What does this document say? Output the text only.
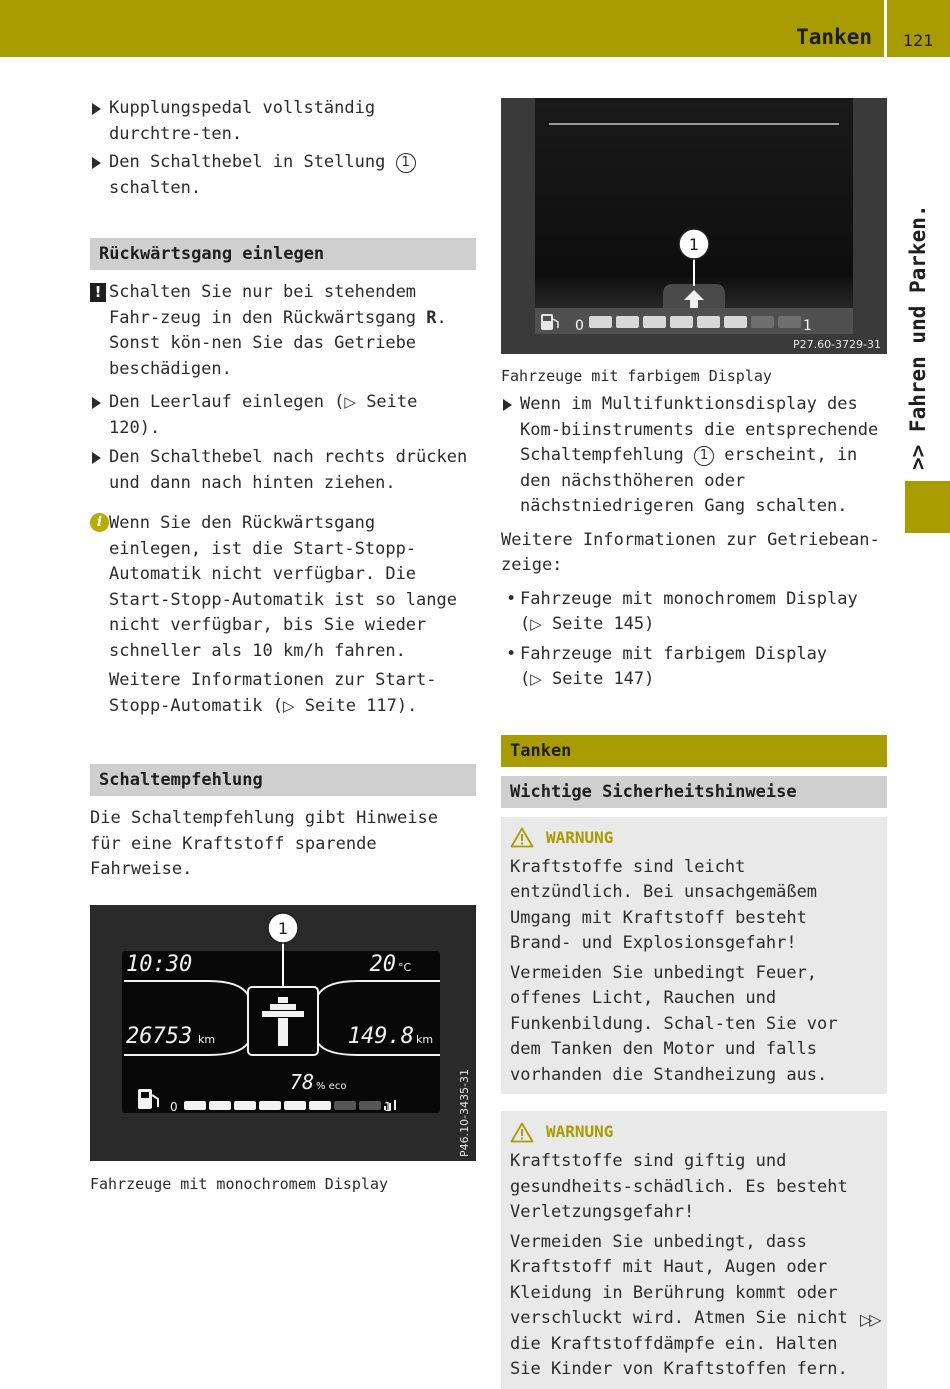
Tanken 121
>> Fahren und Parken.

Kupplungspedal vollständig durchtre-ten.

Den Schalthebel in Stellung 1 schalten.

Rückwärtsgang einlegen

! Schalten Sie nur bei stehendem Fahr-zeug in den Rückwärtsgang R. Sonst kön-nen Sie das Getriebe beschädigen.

Den Leerlauf einlegen (▷ Seite 120).

Den Schalthebel nach rechts drücken und dann nach hinten ziehen.

i Wenn Sie den Rückwärtsgang einlegen, ist die Start-Stopp-Automatik nicht verfügbar. Die Start-Stopp-Automatik ist so lange nicht verfügbar, bis Sie wieder schneller als 10 km/h fahren.

Weitere Informationen zur Start-Stopp-Automatik (▷ Seite 117).

Schaltempfehlung

Die Schaltempfehlung gibt Hinweise für eine Kraftstoff sparende Fahrweise.

1
10:30	20 °C
26753 km	149.8 km
78 % eco
0	1	P46.10-3435-31

Fahrzeuge mit monochromem Display

1
0	1
P27.60-3729-31

Fahrzeuge mit farbigem Display

Wenn im Multifunktionsdisplay des Kom-biinstruments die entsprechende Schaltempfehlung 1 erscheint, in den nächsthöheren oder nächstniedrigeren Gang schalten.

Weitere Informationen zur Getriebean-zeige:

• Fahrzeuge mit monochromem Display
(▷ Seite 145)
• Fahrzeuge mit farbigem Display
(▷ Seite 147)
Tanken
Wichtige Sicherheitshinweise
WARNUNG

Kraftstoffe sind leicht entzündlich. Bei unsachgemäßem Umgang mit Kraftstoff besteht Brand- und Explosionsgefahr!

Vermeiden Sie unbedingt Feuer, offenes Licht, Rauchen und Funkenbildung. Schal-ten Sie vor dem Tanken den Motor und falls vorhanden die Standheizung aus.

WARNUNG

Kraftstoffe sind giftig und gesundheits-schädlich. Es besteht Verletzungsgefahr!

Vermeiden Sie unbedingt, dass Kraftstoff mit Haut, Augen oder Kleidung in Berührung kommt oder verschluckt wird. Atmen Sie nicht die Kraftstoffdämpfe ein. Halten Sie Kinder von Kraftstoffen fern.

▷▷
